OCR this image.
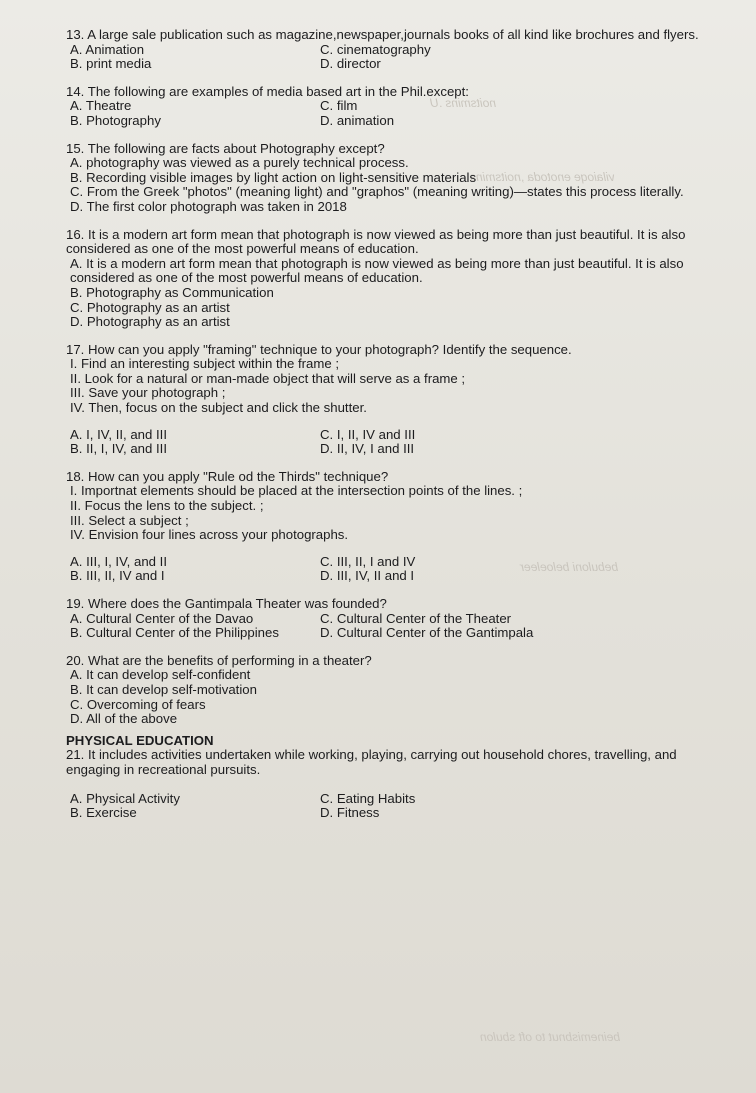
noitsmins .U
vilaioqe enotoda ,noitsmins
bebuloni beloeleer
beinemisbnut to oft sbulon
13. A large sale publication such as magazine,newspaper,journals books of all kind like brochures and flyers.
A. Animation	C. cinematography
B. print media	D. director
14. The following are examples of media based art in the Phil.except:
A. Theatre	C. film
B. Photography	D. animation
15. The following are facts about Photography except?
A. photography was viewed as a purely technical process.
B. Recording visible images by light action on light-sensitive materials
C. From the Greek "photos" (meaning light) and "graphos" (meaning writing)—states this process literally.
D. The first color photograph was taken in 2018
16. It is a modern art form mean that photograph is now viewed as being more than just beautiful. It is also considered as one of the most powerful means of education.
A. It is a modern art form mean that photograph is now viewed as being more than just beautiful. It is also considered as one of the most powerful means of education.
B. Photography as Communication
C. Photography as an artist
D. Photography as an artist
17. How can you apply "framing" technique to your photograph? Identify the sequence.
I. Find an interesting subject within the frame ;
II. Look for a natural or man-made object that will serve as a frame ;
III. Save your photograph ;
IV. Then, focus on the subject and click the shutter.
A. I, IV, II, and III	C. I, II, IV and III
B. II, I, IV, and III	D. II, IV, I and III
18. How can you apply "Rule od the Thirds" technique?
I. Importnat elements should be placed at the intersection points of the lines. ;
II. Focus the lens to the subject. ;
III. Select a subject ;
IV. Envision four lines across your photographs.
A. III, I, IV, and II	C. III, II, I and IV
B. III, II, IV and I	D. III, IV, II and I
19. Where does the Gantimpala Theater was founded?
A. Cultural Center of the Davao	C. Cultural Center of the Theater
B. Cultural Center of the Philippines	D. Cultural Center of the Gantimpala
20. What are the benefits of performing in a theater?
A. It can develop self-confident
B. It can develop self-motivation
C. Overcoming of fears
D. All of the above
PHYSICAL EDUCATION
21. It includes activities undertaken while working, playing, carrying out household chores, travelling, and engaging in recreational pursuits.
A. Physical Activity	C. Eating Habits
B. Exercise	D. Fitness
